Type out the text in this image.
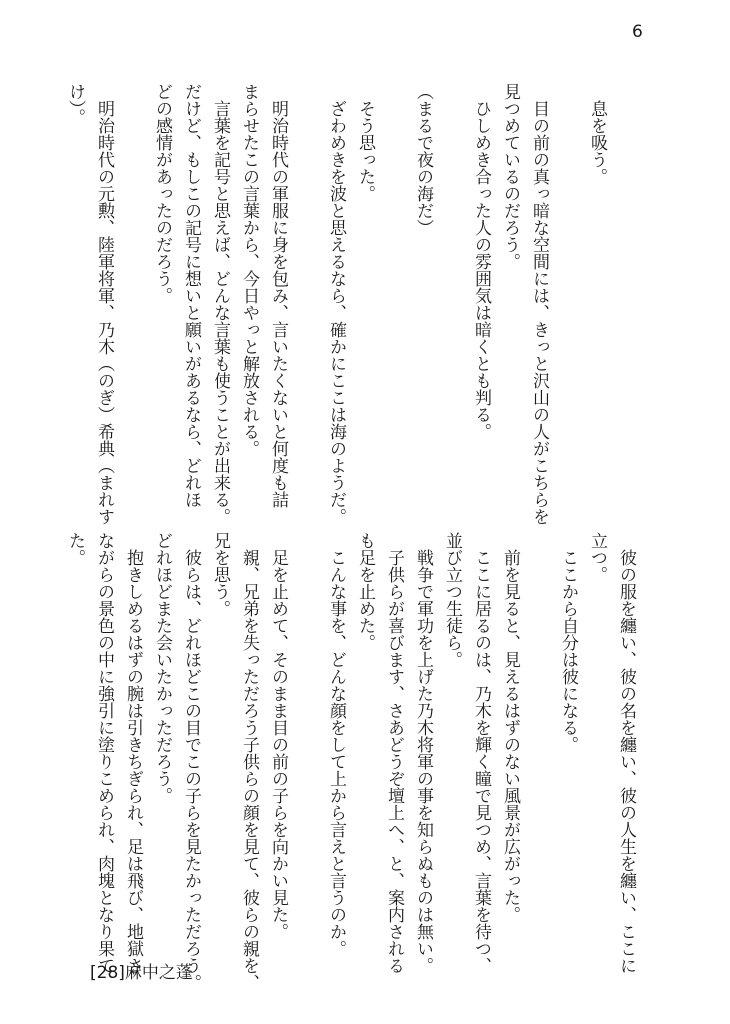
6

　息を吸う。

　目の前の真っ暗な空間には、きっと沢山の人がこちらを
見つめているのだろう。
　ひしめき合った人の雰囲気は暗くとも判る。

（まるで夜の海だ）

　そう思った。
　ざわめきを波と思えるなら、確かにここは海のようだ。

　明治時代の軍服に身を包み、言いたくないと何度も詰
まらせたこの言葉から、今日やっと解放される。
　言葉を記号と思えば、どんな言葉も使うことが出来る。
だけど、もしこの記号に想いと願いがあるなら、どれほ
どの感情があったのだろう。

　明治時代の元勲、陸軍将軍、乃木（のぎ）希典（まれす
け）。
　彼の服を纏い、彼の名を纏い、彼の人生を纏い、ここに
立つ。
　ここから自分は彼になる。

　前を見ると、見えるはずのない風景が広がった。
　ここに居るのは、乃木を輝く瞳で見つめ、言葉を待つ、
並び立つ生徒ら。
　戦争で軍功を上げた乃木将軍の事を知らぬものは無い。
　子供らが喜びます、さあどうぞ壇上へ、と、案内される
も足を止めた。
　こんな事を、どんな顔をして上から言えと言うのか。

　足を止めて、そのまま目の前の子らを向かい見た。
　親、兄弟を失っただろう子供らの顔を見て、彼らの親を、
兄を思う。
　彼らは、どれほどこの目でこの子らを見たかっただろう。
どれほどまた会いたかっただろう。
　抱きしめるはずの腕は引きちぎられ、足は飛び、地獄さ
ながらの景色の中に強引に塗りこめられ、肉塊となり果て
た。
[28]麻中之蓬
